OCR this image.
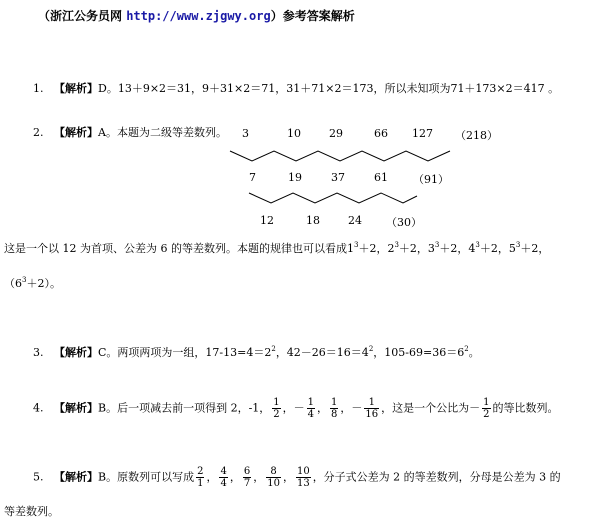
（浙江公务员网 http://www.zjgwy.org）参考答案解析
1. 【解析】D。13＋9×2＝31，9＋31×2＝71，31＋71×2＝173，所以未知项为71＋173×2＝417 。
2. 【解析】A。本题为二级等差数列。 3	10	29	66 127 （218）
7	19	37	61 （91）
12	18	24 （30）
这是一个以 12 为首项、公差为 6 的等差数列。本题的规律也可以看成$1^3+2$，$2^3+2$，$3^3+2$，$4^3+2$，$5^3+2$，
$(6^3+2)$。
3. 【解析】C。两项两项为一组，$17-13=4=2^2$，$42-26=16=4^2$，$105-69=36=6^2$。
4. 【解析】B。后一项减去前一项得到 2，-1， $\frac{1}{2}$ ，－ $\frac{1}{4}$ ， $\frac{1}{8}$ ，－ $\frac{1}{16}$ ，这是一个公比为－ $\frac{1}{2}$ 的等比数列。
5. 【解析】B。原数列可以写成 $\frac{2}{1}$ ， $\frac{4}{4}$ ， $\frac{6}{7}$ ， $\frac{8}{10}$ ， $\frac{10}{13}$ ，分子式公差为 2 的等差数列，分母是公差为 3 的
等差数列。
